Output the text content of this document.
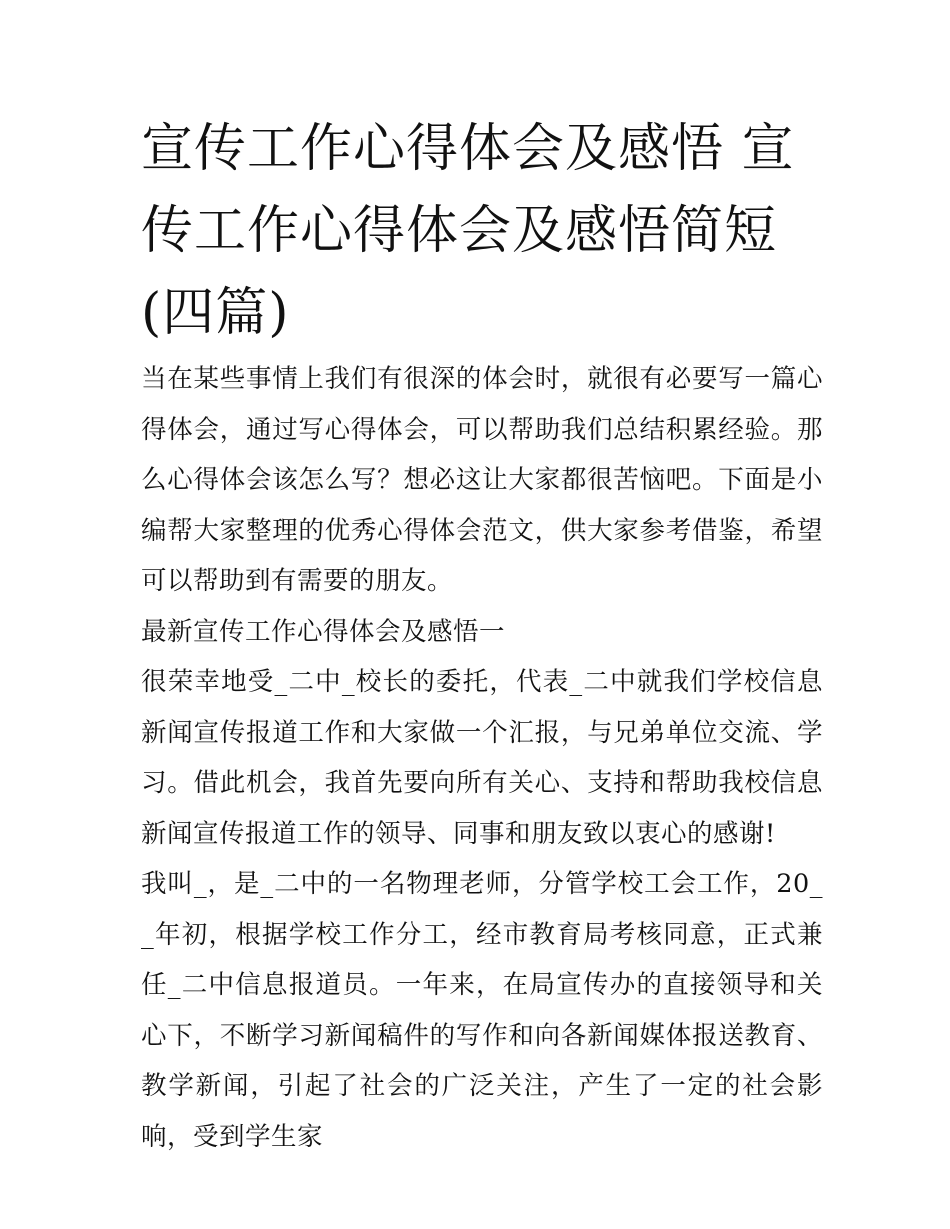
宣传工作心得体会及感悟 宣传工作心得体会及感悟简短(四篇)

当在某些事情上我们有很深的体会时，就很有必要写一篇心得体会，通过写心得体会，可以帮助我们总结积累经验。那么心得体会该怎么写？想必这让大家都很苦恼吧。下面是小编帮大家整理的优秀心得体会范文，供大家参考借鉴，希望可以帮助到有需要的朋友。

最新宣传工作心得体会及感悟一

很荣幸地受_二中_校长的委托，代表_二中就我们学校信息新闻宣传报道工作和大家做一个汇报，与兄弟单位交流、学习。借此机会，我首先要向所有关心、支持和帮助我校信息新闻宣传报道工作的领导、同事和朋友致以衷心的感谢!

我叫_，是_二中的一名物理老师，分管学校工会工作，20__年初，根据学校工作分工，经市教育局考核同意，正式兼任_二中信息报道员。一年来，在局宣传办的直接领导和关心下，不断学习新闻稿件的写作和向各新闻媒体报送教育、教学新闻，引起了社会的广泛关注，产生了一定的社会影响，受到学生家
